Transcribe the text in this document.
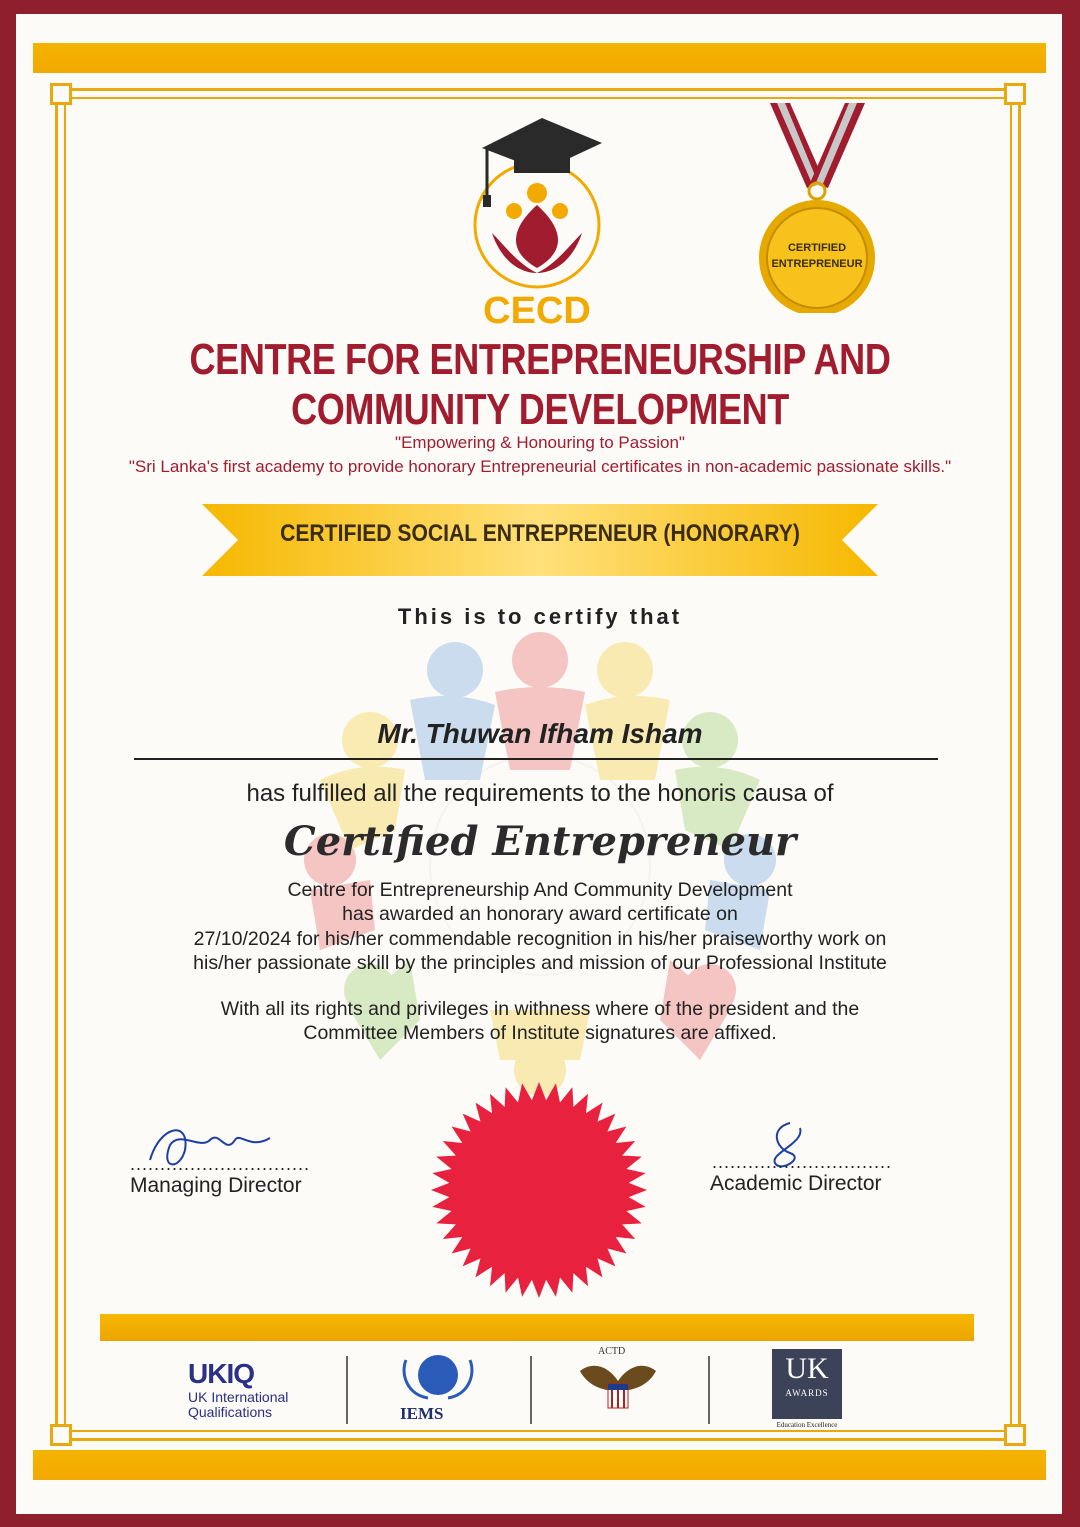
CECD
CERTIFIED
ENTREPRENEUR
CENTRE FOR ENTREPRENEURSHIP AND
COMMUNITY DEVELOPMENT
"Empowering & Honouring to Passion"
"Sri Lanka's first academy to provide honorary Entrepreneurial certificates in non-academic passionate skills."
CERTIFIED SOCIAL ENTREPRENEUR (HONORARY)
This is to certify that
Mr. Thuwan Ifham Isham
has fulfilled all the requirements to the honoris causa of
Certified Entrepreneur
Centre for Entrepreneurship And Community Development
has awarded an honorary award certificate on
27/10/2024 for his/her commendable recognition in his/her praiseworthy work on
his/her passionate skill by the principles and mission of our Professional Institute
With all its rights and privileges in withness where of the president and the
Committee Members of Institute signatures are affixed.
..............................
Managing Director
..............................
Academic Director
UKIQ
UK International
Qualifications	IEMS
ACTD
UK
AWARDS
Education Excellence
